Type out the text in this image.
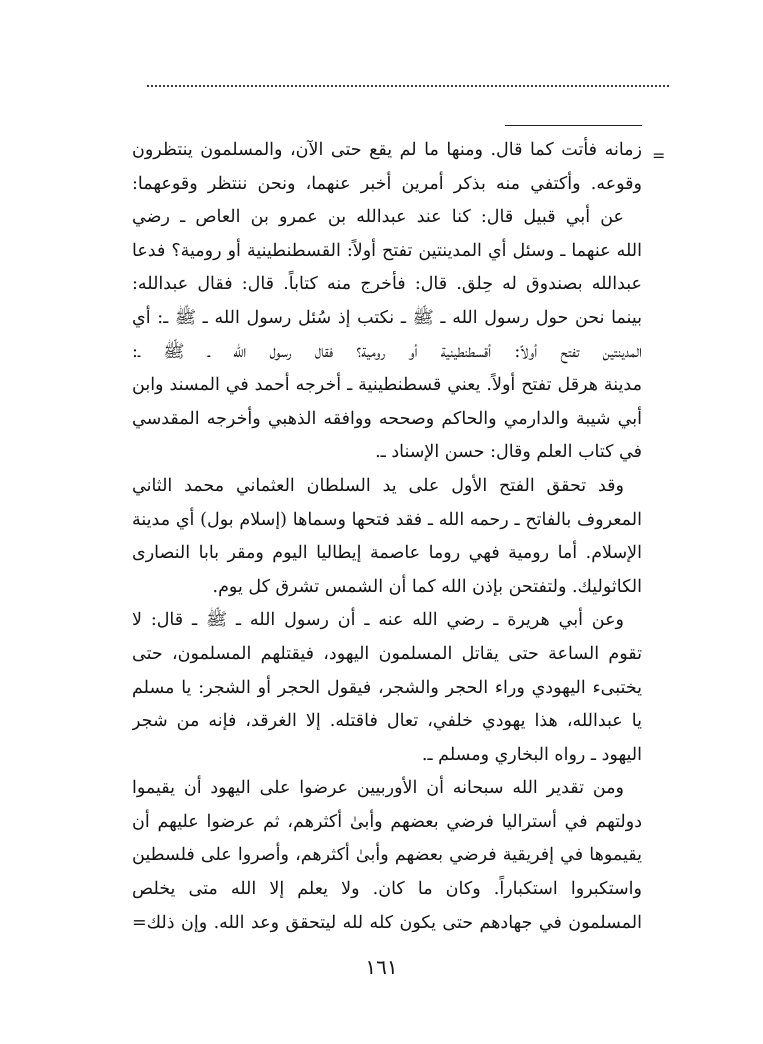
=
زمانه فأتت كما قال. ومنها ما لم يقع حتى الآن، والمسلمون ينتظرون
وقوعه. وأكتفي منه بذكر أمرين أخبر عنهما، ونحن ننتظر وقوعهما:
عن أبي قبيل قال: كنا عند عبدالله بن عمرو بن العاص ـ رضي
الله عنهما ـ وسئل أي المدينتين تفتح أولاً: القسطنطينية أو رومية؟ فدعا
عبدالله بصندوق له حِلق. قال: فأخرج منه كتاباً. قال: فقال عبدالله:
بينما نحن حول رسول الله ـ ﷺ ـ نكتب إذ سُئل رسول الله ـ ﷺ ـ: أي
المدينتين تفتح أولاً: أقسطنطينية أو رومية؟ فقال رسول الله ـ ﷺ ـ:
مدينة هرقل تفتح أولاً. يعني قسطنطينية ـ أخرجه أحمد في المسند وابن
أبي شيبة والدارمي والحاكم وصححه ووافقه الذهبي وأخرجه المقدسي
في كتاب العلم وقال: حسن الإسناد ـ.
وقد تحقق الفتح الأول على يد السلطان العثماني محمد الثاني
المعروف بالفاتح ـ رحمه الله ـ فقد فتحها وسماها (إسلام بول) أي مدينة
الإسلام. أما رومية فهي روما عاصمة إيطاليا اليوم ومقر بابا النصارى
الكاثوليك. ولتفتحن بإذن الله كما أن الشمس تشرق كل يوم.
وعن أبي هريرة ـ رضي الله عنه ـ أن رسول الله ـ ﷺ ـ قال: لا
تقوم الساعة حتى يقاتل المسلمون اليهود، فيقتلهم المسلمون، حتى
يختبىء اليهودي وراء الحجر والشجر، فيقول الحجر أو الشجر: يا مسلم
يا عبدالله، هذا يهودي خلفي، تعال فاقتله. إلا الغرقد، فإنه من شجر
اليهود ـ رواه البخاري ومسلم ـ.
ومن تقدير الله سبحانه أن الأوربيين عرضوا على اليهود أن يقيموا
دولتهم في أستراليا فرضي بعضهم وأبىٰ أكثرهم، ثم عرضوا عليهم أن
يقيموها في إفريقية فرضي بعضهم وأبىٰ أكثرهم، وأصروا على فلسطين
واستكبروا استكباراً. وكان ما كان. ولا يعلم إلا الله متى يخلص
المسلمون في جهادهم حتى يكون كله لله ليتحقق وعد الله. وإن ذلك=
١٦١
